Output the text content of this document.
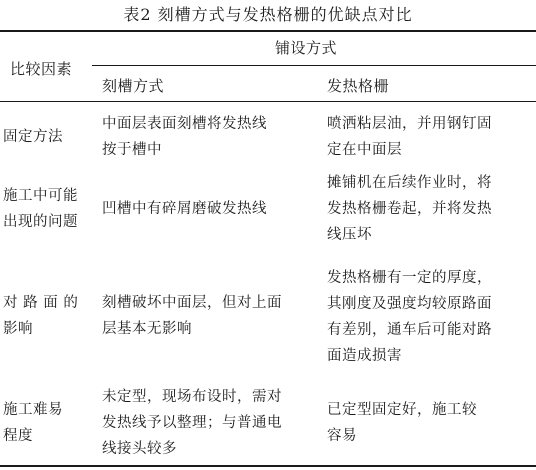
表2 刻槽方式与发热格栅的优缺点对比
比较因素
铺设方式
刻槽方式	发热格栅
固定方法
中面层表面刻槽将发热线
按于槽中
喷洒粘层油，并用钢钉固
定在中面层
施工中可能
出现的问题
凹槽中有碎屑磨破发热线
摊铺机在后续作业时，将
发热格栅卷起，并将发热
线压坏
对 路 面 的
影响
刻槽破坏中面层，但对上面
层基本无影响
发热格栅有一定的厚度，
其刚度及强度均较原路面
有差别，通车后可能对路
面造成损害
施工难易
程度
未定型，现场布设时，需对
发热线予以整理；与普通电
线接头较多
已定型固定好，施工较
容易
